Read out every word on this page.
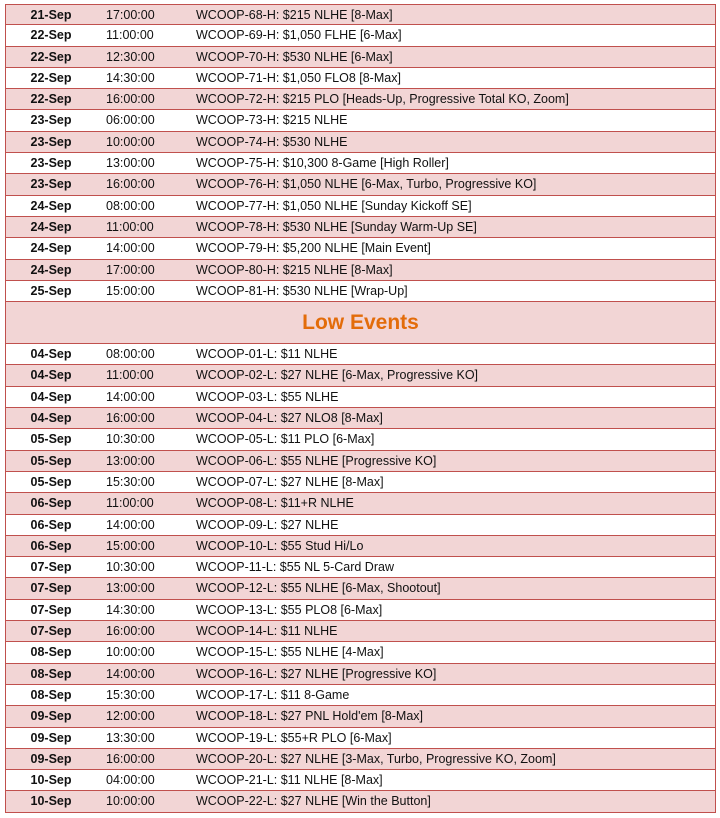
21-Sep	17:00:00	WCOOP-68-H: $215 NLHE [8-Max]
22-Sep	11:00:00	WCOOP-69-H: $1,050 FLHE [6-Max]
22-Sep	12:30:00	WCOOP-70-H: $530 NLHE [6-Max]
22-Sep	14:30:00	WCOOP-71-H: $1,050 FLO8 [8-Max]
22-Sep	16:00:00	WCOOP-72-H: $215 PLO [Heads-Up, Progressive Total KO, Zoom]
23-Sep	06:00:00	WCOOP-73-H: $215 NLHE
23-Sep	10:00:00	WCOOP-74-H: $530 NLHE
23-Sep	13:00:00	WCOOP-75-H: $10,300 8-Game [High Roller]
23-Sep	16:00:00	WCOOP-76-H: $1,050 NLHE [6-Max, Turbo, Progressive KO]
24-Sep	08:00:00	WCOOP-77-H: $1,050 NLHE [Sunday Kickoff SE]
24-Sep	11:00:00	WCOOP-78-H: $530 NLHE [Sunday Warm-Up SE]
24-Sep	14:00:00	WCOOP-79-H: $5,200 NLHE [Main Event]
24-Sep	17:00:00	WCOOP-80-H: $215 NLHE [8-Max]
25-Sep	15:00:00	WCOOP-81-H: $530 NLHE [Wrap-Up]
Low Events
04-Sep	08:00:00	WCOOP-01-L: $11 NLHE
04-Sep	11:00:00	WCOOP-02-L: $27 NLHE [6-Max, Progressive KO]
04-Sep	14:00:00	WCOOP-03-L: $55 NLHE
04-Sep	16:00:00	WCOOP-04-L: $27 NLO8 [8-Max]
05-Sep	10:30:00	WCOOP-05-L: $11 PLO [6-Max]
05-Sep	13:00:00	WCOOP-06-L: $55 NLHE [Progressive KO]
05-Sep	15:30:00	WCOOP-07-L: $27 NLHE [8-Max]
06-Sep	11:00:00	WCOOP-08-L: $11+R NLHE
06-Sep	14:00:00	WCOOP-09-L: $27 NLHE
06-Sep	15:00:00	WCOOP-10-L: $55 Stud Hi/Lo
07-Sep	10:30:00	WCOOP-11-L: $55 NL 5-Card Draw
07-Sep	13:00:00	WCOOP-12-L: $55 NLHE [6-Max, Shootout]
07-Sep	14:30:00	WCOOP-13-L: $55 PLO8 [6-Max]
07-Sep	16:00:00	WCOOP-14-L: $11 NLHE
08-Sep	10:00:00	WCOOP-15-L: $55 NLHE [4-Max]
08-Sep	14:00:00	WCOOP-16-L: $27 NLHE [Progressive KO]
08-Sep	15:30:00	WCOOP-17-L: $11 8-Game
09-Sep	12:00:00	WCOOP-18-L: $27 PNL Hold'em [8-Max]
09-Sep	13:30:00	WCOOP-19-L: $55+R PLO [6-Max]
09-Sep	16:00:00	WCOOP-20-L: $27 NLHE [3-Max, Turbo, Progressive KO, Zoom]
10-Sep	04:00:00	WCOOP-21-L: $11 NLHE [8-Max]
10-Sep	10:00:00	WCOOP-22-L: $27 NLHE [Win the Button]
